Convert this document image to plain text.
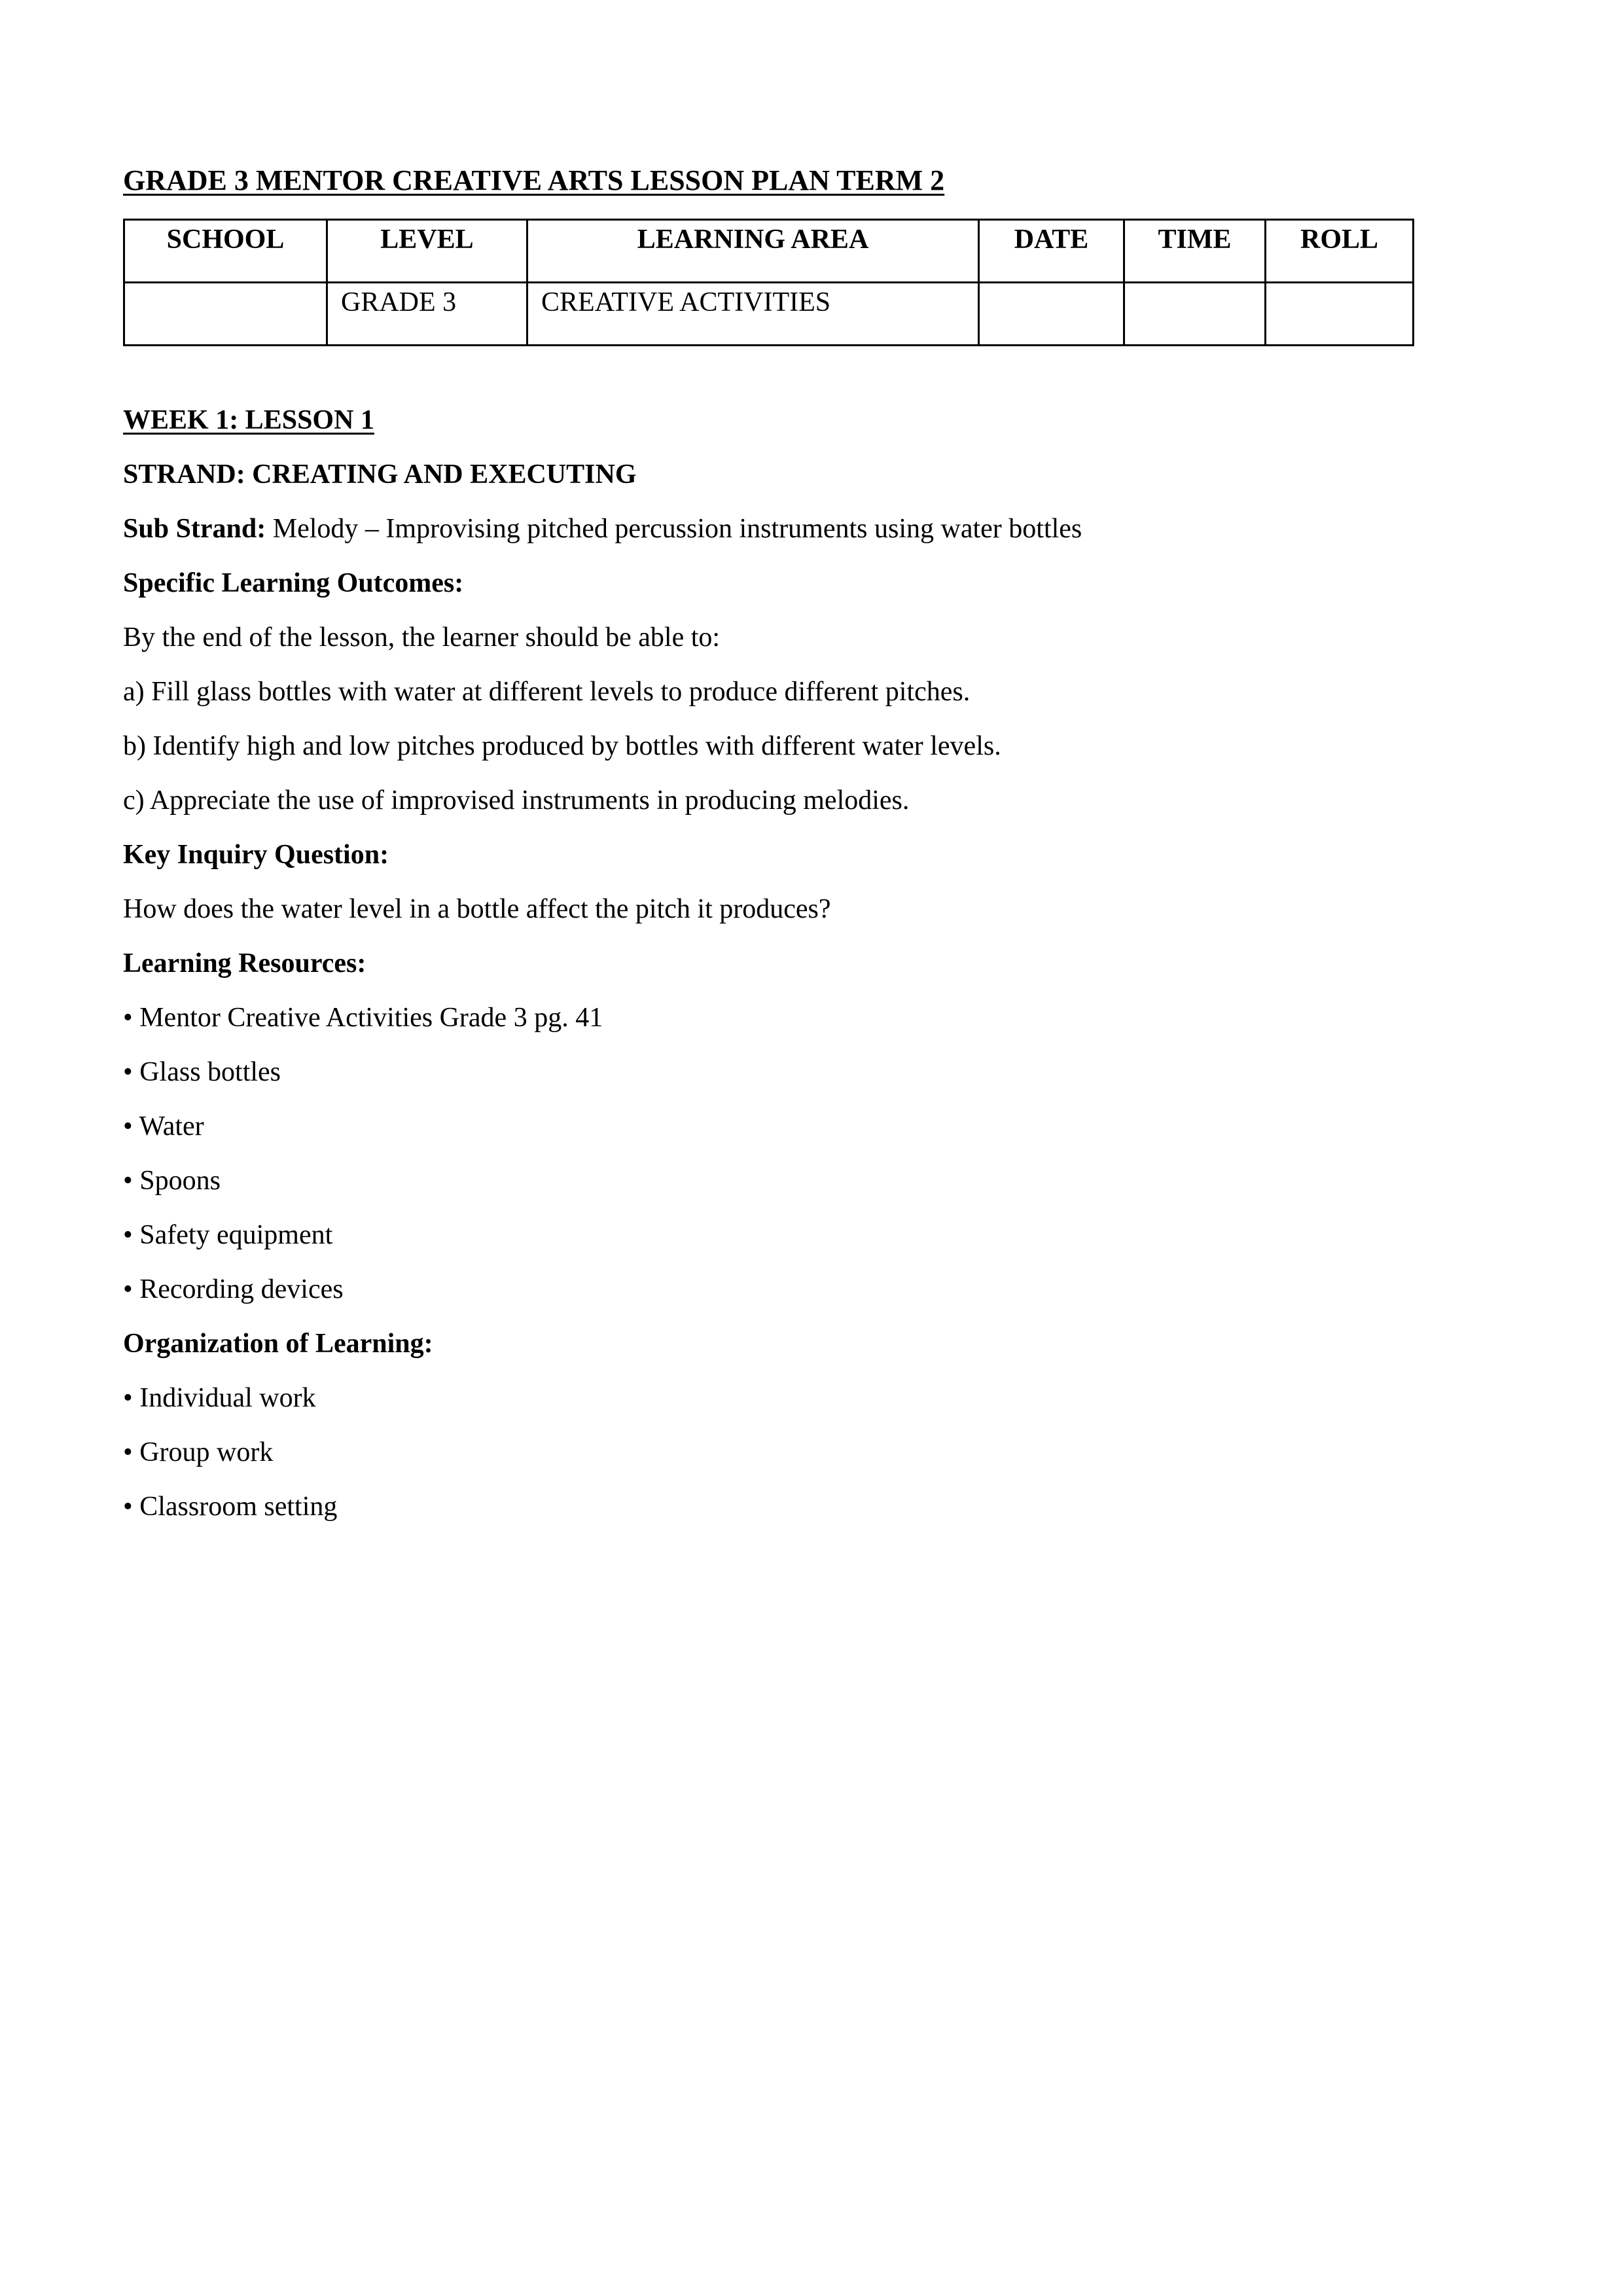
GRADE 3 MENTOR CREATIVE ARTS LESSON PLAN TERM 2
SCHOOL	LEVEL	LEARNING AREA	DATE	TIME	ROLL
	GRADE 3	CREATIVE ACTIVITIES			
WEEK 1: LESSON 1
STRAND: CREATING AND EXECUTING
Sub Strand: Melody – Improvising pitched percussion instruments using water bottles
Specific Learning Outcomes:
By the end of the lesson, the learner should be able to:
a) Fill glass bottles with water at different levels to produce different pitches.
b) Identify high and low pitches produced by bottles with different water levels.
c) Appreciate the use of improvised instruments in producing melodies.
Key Inquiry Question:
How does the water level in a bottle affect the pitch it produces?
Learning Resources:
• Mentor Creative Activities Grade 3 pg. 41
• Glass bottles
• Water
• Spoons
• Safety equipment
• Recording devices
Organization of Learning:
• Individual work
• Group work
• Classroom setting
